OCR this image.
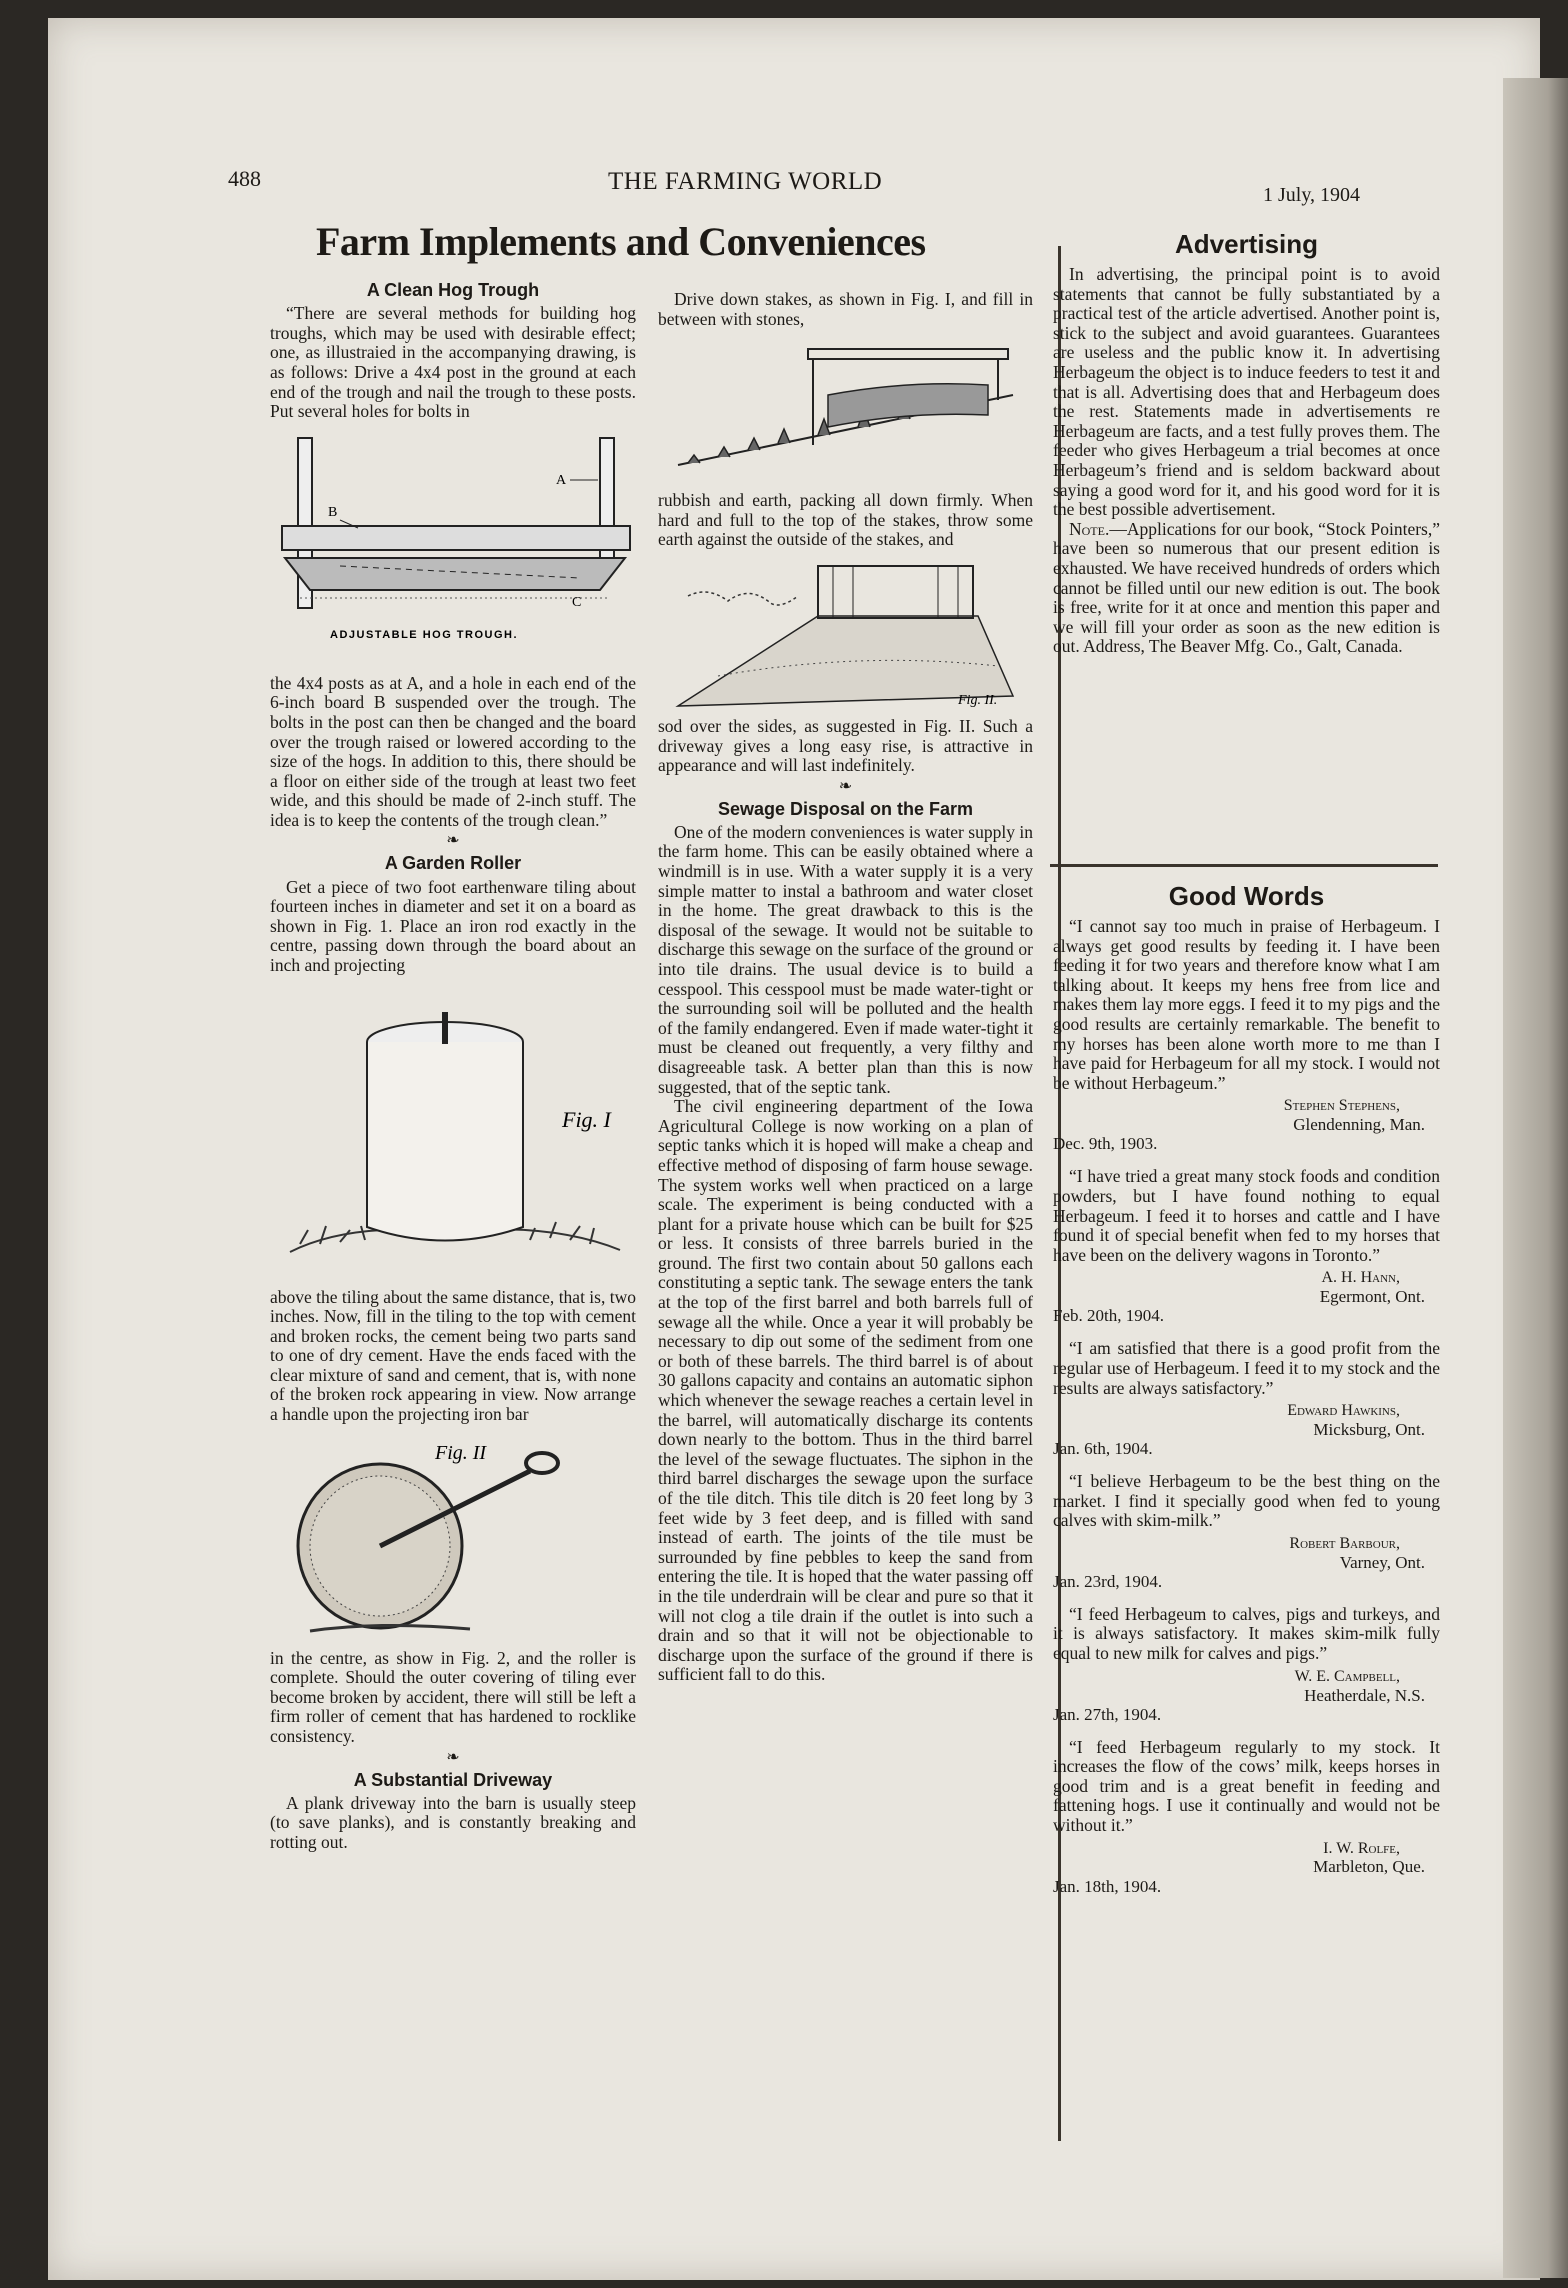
488	THE FARMING WORLD	1 July, 1904
Farm Implements and Conveniences
A Clean Hog Trough

“There are several methods for building hog troughs, which may be used with desirable effect; one, as illustraied in the accompanying drawing, is as follows: Drive a 4x4 post in the ground at each end of the trough and nail the trough to these posts. Put several holes for bolts in

A
B
C
ADJUSTABLE HOG TROUGH.

the 4x4 posts as at A, and a hole in each end of the 6-inch board B suspended over the trough. The bolts in the post can then be changed and the board over the trough raised or lowered according to the size of the hogs. In addition to this, there should be a floor on either side of the trough at least two feet wide, and this should be made of 2-inch stuff. The idea is to keep the contents of the trough clean.”

❧
A Garden Roller

Get a piece of two foot earthenware tiling about fourteen inches in diameter and set it on a board as shown in Fig. 1. Place an iron rod exactly in the centre, passing down through the board about an inch and projecting

Fig. I

above the tiling about the same distance, that is, two inches. Now, fill in the tiling to the top with cement and broken rocks, the cement being two parts sand to one of dry cement. Have the ends faced with the clear mixture of sand and cement, that is, with none of the broken rock appearing in view. Now arrange a handle upon the projecting iron bar

Fig. II

in the centre, as show in Fig. 2, and the roller is complete. Should the outer covering of tiling ever become broken by accident, there will still be left a firm roller of cement that has hardened to rocklike consistency.

❧
A Substantial Driveway

A plank driveway into the barn is usually steep (to save planks), and is constantly breaking and rotting out.

Drive down stakes, as shown in Fig. I, and fill in between with stones,

rubbish and earth, packing all down firmly. When hard and full to the top of the stakes, throw some earth against the outside of the stakes, and

Fig. II.

sod over the sides, as suggested in Fig. II. Such a driveway gives a long easy rise, is attractive in appearance and will last indefinitely.

❧
Sewage Disposal on the Farm

One of the modern conveniences is water supply in the farm home. This can be easily obtained where a windmill is in use. With a water supply it is a very simple matter to instal a bathroom and water closet in the home. The great drawback to this is the disposal of the sewage. It would not be suitable to discharge this sewage on the surface of the ground or into tile drains. The usual device is to build a cesspool. This cesspool must be made water-tight or the surrounding soil will be polluted and the health of the family endangered. Even if made water-tight it must be cleaned out frequently, a very filthy and disagreeable task. A better plan than this is now suggested, that of the septic tank.

The civil engineering department of the Iowa Agricultural College is now working on a plan of septic tanks which it is hoped will make a cheap and effective method of disposing of farm house sewage. The system works well when practiced on a large scale. The experiment is being conducted with a plant for a private house which can be built for $25 or less. It consists of three barrels buried in the ground. The first two contain about 50 gallons each constituting a septic tank. The sewage enters the tank at the top of the first barrel and both barrels full of sewage all the while. Once a year it will probably be necessary to dip out some of the sediment from one or both of these barrels. The third barrel is of about 30 gallons capacity and contains an automatic siphon which whenever the sewage reaches a certain level in the barrel, will automatically discharge its contents down nearly to the bottom. Thus in the third barrel the level of the sewage fluctuates. The siphon in the third barrel discharges the sewage upon the surface of the tile ditch. This tile ditch is 20 feet long by 3 feet wide by 3 feet deep, and is filled with sand instead of earth. The joints of the tile must be surrounded by fine pebbles to keep the sand from entering the tile. It is hoped that the water passing off in the tile underdrain will be clear and pure so that it will not clog a tile drain if the outlet is into such a drain and so that it will not be objectionable to discharge upon the surface of the ground if there is sufficient fall to do this.

Advertising

In advertising, the principal point is to avoid statements that cannot be fully substantiated by a practical test of the article advertised. Another point is, stick to the subject and avoid guarantees. Guarantees are useless and the public know it. In advertising Herbageum the object is to induce feeders to test it and that is all. Advertising does that and Herbageum does the rest. Statements made in advertisements re Herbageum are facts, and a test fully proves them. The feeder who gives Herbageum a trial becomes at once Herbageum’s friend and is seldom backward about saying a good word for it, and his good word for it is the best possible advertisement.

Note.—Applications for our book, “Stock Pointers,” have been so numerous that our present edition is exhausted. We have received hundreds of orders which cannot be filled until our new edition is out. The book is free, write for it at once and mention this paper and we will fill your order as soon as the new edition is out. Address, The Beaver Mfg. Co., Galt, Canada.

Good Words

“I cannot say too much in praise of Herbageum. I always get good results by feeding it. I have been feeding it for two years and therefore know what I am talking about. It keeps my hens free from lice and makes them lay more eggs. I feed it to my pigs and the good results are certainly remarkable. The benefit to my horses has been alone worth more to me than I have paid for Herbageum for all my stock. I would not be without Herbageum.”

Stephen Stephens,
Glendenning, Man.
Dec. 9th, 1903.

“I have tried a great many stock foods and condition powders, but I have found nothing to equal Herbageum. I feed it to horses and cattle and I have found it of special benefit when fed to my horses that have been on the delivery wagons in Toronto.”

A. H. Hann,
Egermont, Ont.
Feb. 20th, 1904.

“I am satisfied that there is a good profit from the regular use of Herbageum. I feed it to my stock and the results are always satisfactory.”

Edward Hawkins,
Micksburg, Ont.
Jan. 6th, 1904.

“I believe Herbageum to be the best thing on the market. I find it specially good when fed to young calves with skim-milk.”

Robert Barbour,
Varney, Ont.
Jan. 23rd, 1904.

“I feed Herbageum to calves, pigs and turkeys, and it is always satisfactory. It makes skim-milk fully equal to new milk for calves and pigs.”

W. E. Campbell,
Heatherdale, N.S.
Jan. 27th, 1904.

“I feed Herbageum regularly to my stock. It increases the flow of the cows’ milk, keeps horses in good trim and is a great benefit in feeding and fattening hogs. I use it continually and would not be without it.”

I. W. Rolfe,
Marbleton, Que.
Jan. 18th, 1904.
